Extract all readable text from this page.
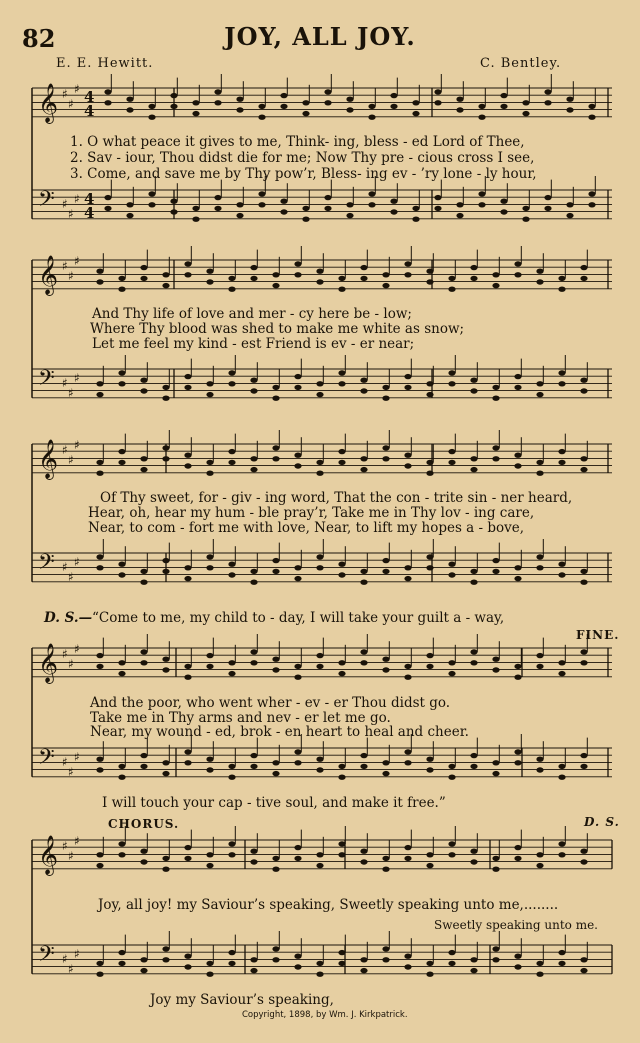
𝄞 ♯
♯
♯ 4
4
𝄢 ♯
♯
♯ 4
4
𝄞 ♯
♯
♯
𝄢 ♯
♯
♯
𝄞 ♯
♯
♯
𝄢 ♯
♯
♯
𝄞 ♯
♯
♯
𝄢 ♯
♯
♯
𝄞 ♯
♯
♯
𝄢 ♯
♯
♯
82	JOY, ALL JOY.
E. E. Hewitt.	C. Bentley.
1. O what peace it gives to me, Think- ing, bless - ed Lord of Thee,
2. Sav - iour, Thou didst die for me; Now Thy pre - cious cross I see,
3. Come, and save me by Thy pow’r, Bless- ing ev - ’ry lone - ly hour,
And Thy life of love and mer - cy here be - low;
Where Thy blood was shed to make me white as snow;
Let me feel my kind - est Friend is ev - er near;
Of Thy sweet, for - giv - ing word, That the con - trite sin - ner heard,
Hear, oh, hear my hum - ble pray’r, Take me in Thy lov - ing care,
Near, to com - fort me with love, Near, to lift my hopes a - bove,
D. S.— “Come to me, my child to - day, I will take your guilt a - way,
FINE.
And the poor, who went wher - ev - er Thou didst go.
Take me in Thy arms and nev - er let me go.
Near, my wound - ed, brok - en heart to heal and cheer.
I will touch your cap - tive soul, and make it free.”
CHORUS.	D. S.
Joy, all joy! my Saviour’s speaking, Sweetly speaking unto me,........
Sweetly speaking unto me.
Joy my Saviour’s speaking,
Copyright, 1898, by Wm. J. Kirkpatrick.
